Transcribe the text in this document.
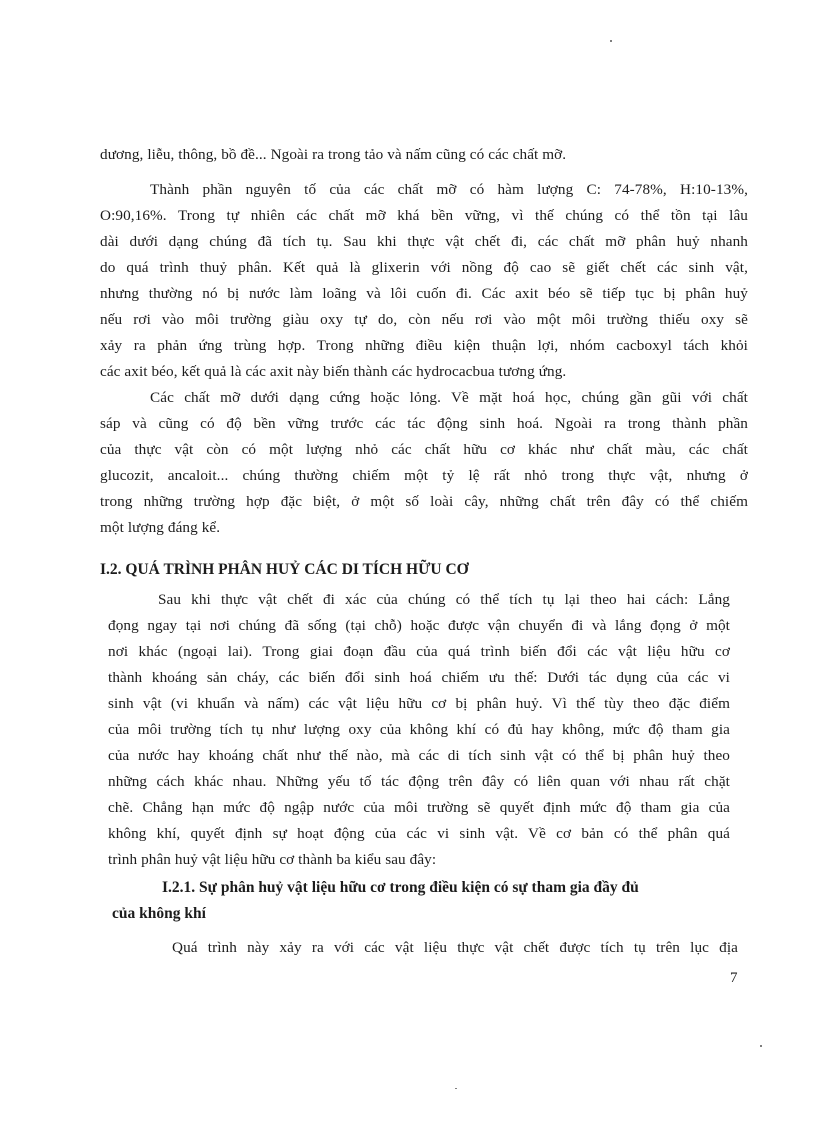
dương, liễu, thông, bồ đề... Ngoài ra trong tảo và nấm cũng có các chất mỡ.
Thành phần nguyên tố của các chất mỡ có hàm lượng C: 74-78%, H:10-13%,
O:90,16%. Trong tự nhiên các chất mỡ khá bền vững, vì thế chúng có thể tồn tại lâu
dài dưới dạng chúng đã tích tụ. Sau khi thực vật chết đi, các chất mỡ phân huỷ nhanh
do quá trình thuỷ phân. Kết quả là glixerin với nồng độ cao sẽ giết chết các sinh vật,
nhưng thường nó bị nước làm loãng và lôi cuốn đi. Các axit béo sẽ tiếp tục bị phân huỷ
nếu rơi vào môi trường giàu oxy tự do, còn nếu rơi vào một môi trường thiếu oxy sẽ
xảy ra phản ứng trùng hợp. Trong những điều kiện thuận lợi, nhóm cacboxyl tách khỏi
các axit béo, kết quả là các axit này biến thành các hydrocacbua tương ứng.
Các chất mỡ dưới dạng cứng hoặc lỏng. Về mặt hoá học, chúng gần gũi với chất
sáp và cũng có độ bền vững trước các tác động sinh hoá. Ngoài ra trong thành phần
của thực vật còn có một lượng nhỏ các chất hữu cơ khác như chất màu, các chất
glucozit, ancaloit... chúng thường chiếm một tỷ lệ rất nhỏ trong thực vật, nhưng ở
trong những trường hợp đặc biệt, ở một số loài cây, những chất trên đây có thể chiếm
một lượng đáng kể.
I.2. QUÁ TRÌNH PHÂN HUỶ CÁC DI TÍCH HỮU CƠ
Sau khi thực vật chết đi xác của chúng có thể tích tụ lại theo hai cách: Lắng
đọng ngay tại nơi chúng đã sống (tại chỗ) hoặc được vận chuyển đi và lắng đọng ở một
nơi khác (ngoại lai). Trong giai đoạn đầu của quá trình biến đổi các vật liệu hữu cơ
thành khoáng sản cháy, các biến đổi sinh hoá chiếm ưu thế: Dưới tác dụng của các vi
sinh vật (vi khuẩn và nấm) các vật liệu hữu cơ bị phân huỷ. Vì thế tùy theo đặc điểm
của môi trường tích tụ như lượng oxy của không khí có đủ hay không, mức độ tham gia
của nước hay khoáng chất như thế nào, mà các di tích sinh vật có thể bị phân huỷ theo
những cách khác nhau. Những yếu tố tác động trên đây có liên quan với nhau rất chặt
chẽ. Chẳng hạn mức độ ngập nước của môi trường sẽ quyết định mức độ tham gia của
không khí, quyết định sự hoạt động của các vi sinh vật. Về cơ bản có thể phân quá
trình phân huỷ vật liệu hữu cơ thành ba kiểu sau đây:
I.2.1. Sự phân huỷ vật liệu hữu cơ trong điều kiện có sự tham gia đầy đủ
của không khí
Quá trình này xảy ra với các vật liệu thực vật chết được tích tụ trên lục địa
7
